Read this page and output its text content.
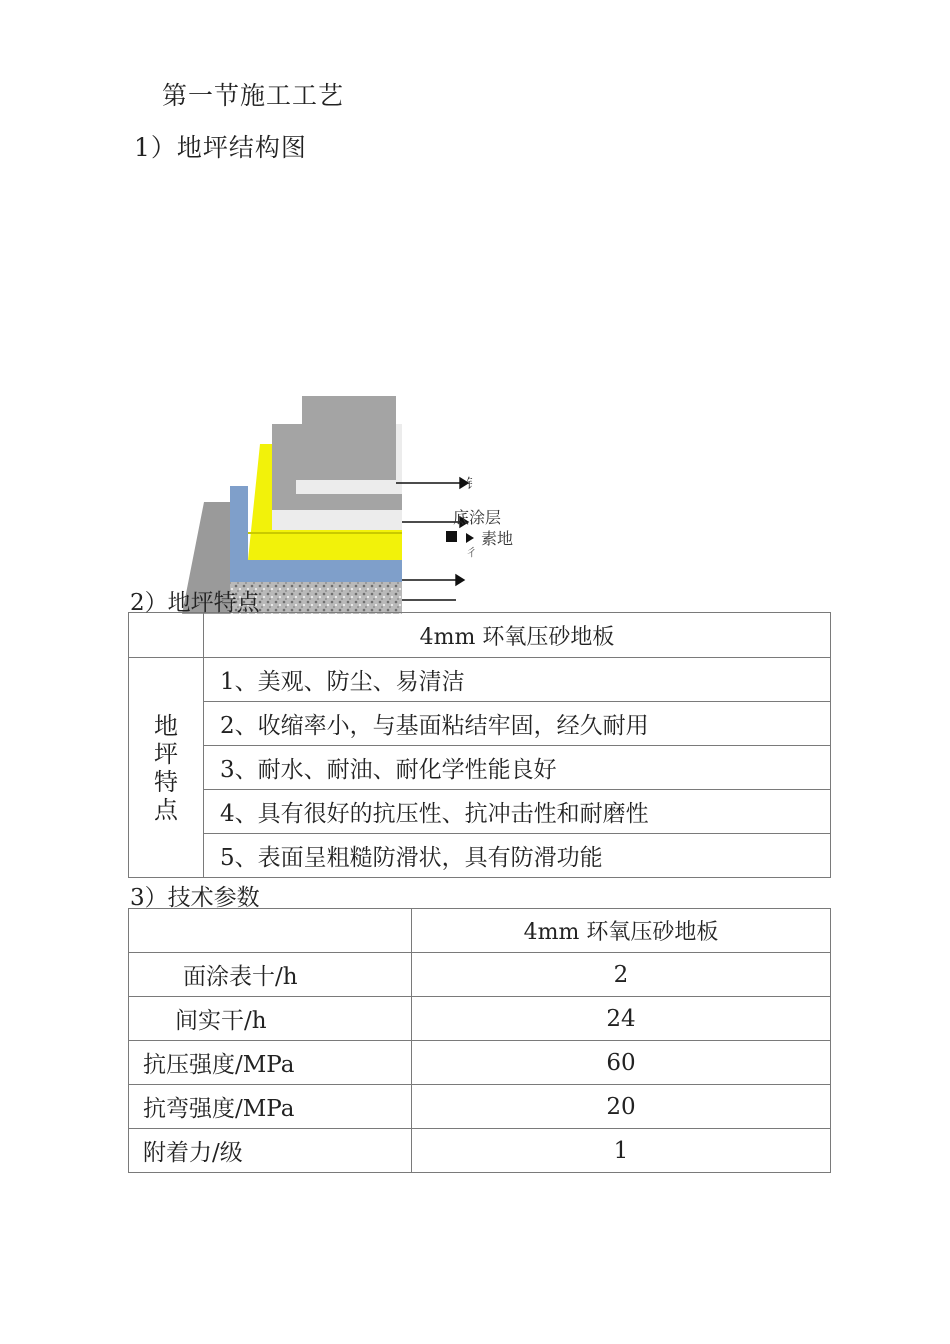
第一节施工工艺
1）地坪结构图
钅
底涂层
素地
彳
2）地坪特点
	4mm 环氧压砂地板
地坪特点	1、美观、防尘、易清洁
	2、收缩率小，与基面粘结牢固，经久耐用
	3、耐水、耐油、耐化学性能良好
	4、具有很好的抗压性、抗冲击性和耐磨性
	5、表面呈粗糙防滑状，具有防滑功能
3）技术参数
	4mm 环氧压砂地板
面涂表十/h	2
间实干/h	24
抗压强度/MPa	60
抗弯强度/MPa	20
附着力/级	1
